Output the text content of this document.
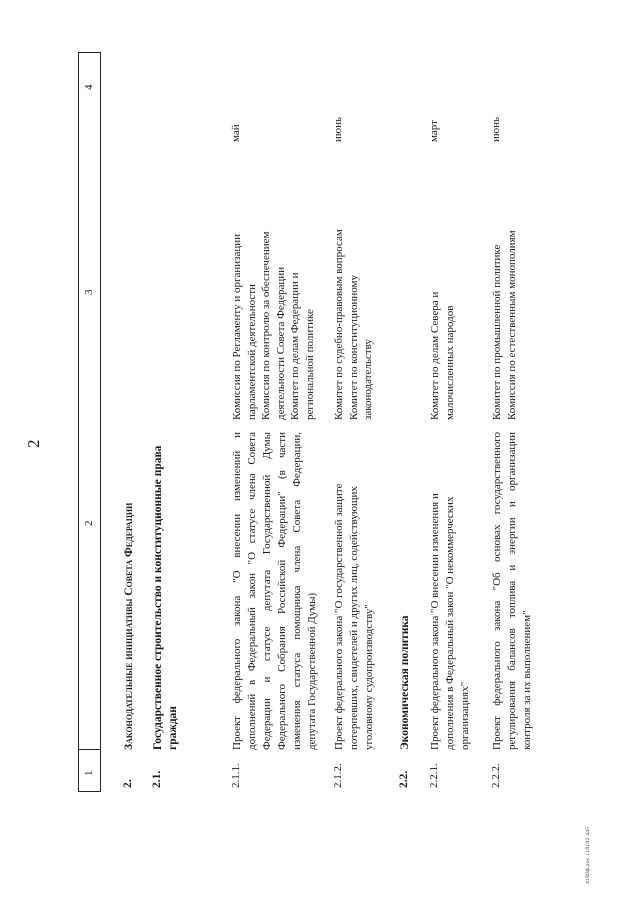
2
1
2
3
4
2.
Законодательные инициативы Совета Федерации
2.1.
Государственное строительство и конституционные права граждан
2.1.1.
Проект федерального закона "О внесении изменений и дополнений в Федеральный закон "О статусе члена Совета Федерации и статусе депутата Государственной Думы Федерального Собрания Российской Федерации" (в части изменения статуса помощника члена Совета Федерации, депутата Государственной Думы)
Комиссия по Регламенту и организации парламентской деятельности Комиссия по контролю за обеспечением деятельности Совета Федерации Комитет по делам Федерации и региональной политике
май
2.1.2.
Проект федерального закона "О государственной защите потерпевших, свидетелей и других лиц, содействующих уголовному судопроизводству"
Комитет по судебно-правовым вопросам Комитет по конституционному законодательству
июнь
2.2.
Экономическая политика
2.2.1.
Проект федерального закона "О внесении изменения и дополнения в Федеральный закон "О некоммерческих организациях"
Комитет по делам Севера и малочисленных народов
март
2.2.2.
Проект федерального закона "Об основах государственного регулирования балансов топлива и энергии и организации контроля за их выполнением"
Комитет по промышленной политике Комиссия по естественным монополиям
июнь
4189ф.дос 110192 445
